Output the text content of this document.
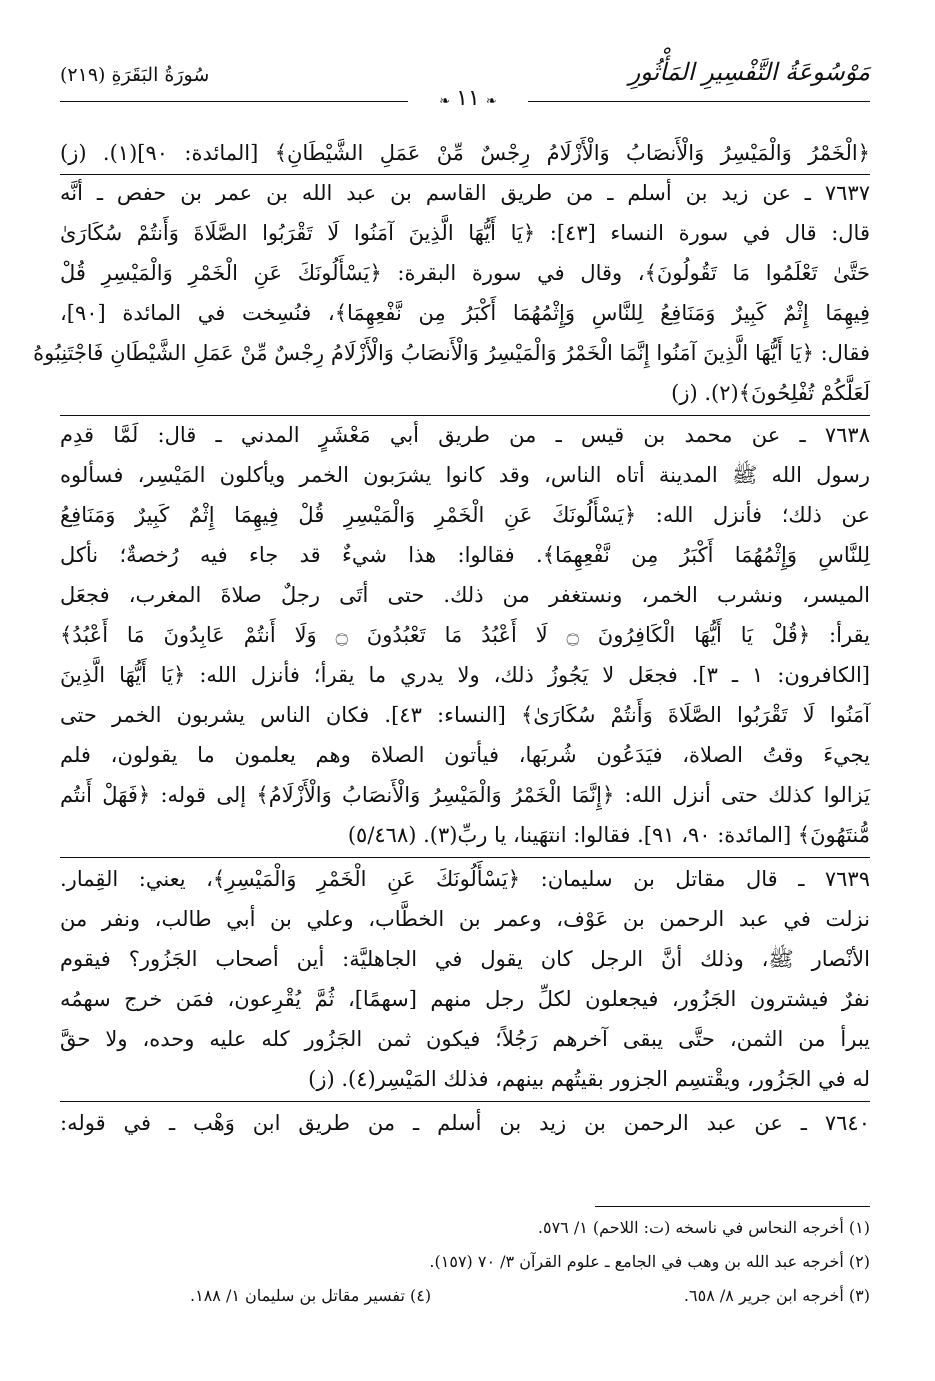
مَوْسُوعَةُ التَّفْسِيرِ المَأْثُورِ
سُورَةُ البَقَرَةِ (٢١٩)
❧١١❧
﴿الْخَمْرُ وَالْمَيْسِرُ وَالْأَنصَابُ وَالْأَزْلَامُ رِجْسٌ مِّنْ عَمَلِ الشَّيْطَانِ﴾ [المائدة: ٩٠](١). (ز)
٧٦٣٧ ـ عن زيد بن أسلم ـ من طريق القاسم بن عبد الله بن عمر بن حفص ـ أنَّه
قال: قال في سورة النساء [٤٣]: ﴿يَا أَيُّهَا الَّذِينَ آمَنُوا لَا تَقْرَبُوا الصَّلَاةَ وَأَنتُمْ سُكَارَىٰ
حَتَّىٰ تَعْلَمُوا مَا تَقُولُونَ﴾، وقال في سورة البقرة: ﴿يَسْأَلُونَكَ عَنِ الْخَمْرِ وَالْمَيْسِرِ قُلْ
فِيهِمَا إِثْمٌ كَبِيرٌ وَمَنَافِعُ لِلنَّاسِ وَإِثْمُهُمَا أَكْبَرُ مِن نَّفْعِهِمَا﴾، فنُسِخت في المائدة [٩٠]،
فقال: ﴿يَا أَيُّهَا الَّذِينَ آمَنُوا إِنَّمَا الْخَمْرُ وَالْمَيْسِرُ وَالْأَنصَابُ وَالْأَزْلَامُ رِجْسٌ مِّنْ عَمَلِ الشَّيْطَانِ فَاجْتَنِبُوهُ
لَعَلَّكُمْ تُفْلِحُونَ﴾(٢). (ز)
٧٦٣٨ ـ عن محمد بن قيس ـ من طريق أبي مَعْشَرٍ المدني ـ قال: لَمَّا قدِم
رسول الله ﷺ المدينة أتاه الناس، وقد كانوا يشرَبون الخمر ويأكلون المَيْسِر، فسألوه
عن ذلك؛ فأنزل الله: ﴿يَسْأَلُونَكَ عَنِ الْخَمْرِ وَالْمَيْسِرِ قُلْ فِيهِمَا إِثْمٌ كَبِيرٌ وَمَنَافِعُ
لِلنَّاسِ وَإِثْمُهُمَا أَكْبَرُ مِن نَّفْعِهِمَا﴾. فقالوا: هذا شيءٌ قد جاء فيه رُخصةٌ؛ نأكل
الميسر، ونشرب الخمر، ونستغفر من ذلك. حتى أتَى رجلٌ صلاةَ المغرب، فجعَل
يقرأ: ﴿قُلْ يَا أَيُّهَا الْكَافِرُونَ ۝ لَا أَعْبُدُ مَا تَعْبُدُونَ ۝ وَلَا أَنتُمْ عَابِدُونَ مَا أَعْبُدُ﴾
[الكافرون: ١ ـ ٣]. فجعَل لا يَجُوزُ ذلك، ولا يدري ما يقرأ؛ فأنزل الله: ﴿يَا أَيُّهَا الَّذِينَ
آمَنُوا لَا تَقْرَبُوا الصَّلَاةَ وَأَنتُمْ سُكَارَىٰ﴾ [النساء: ٤٣]. فكان الناس يشربون الخمر حتى
يجيءَ وقتُ الصلاة، فيَدَعُون شُربَها، فيأتون الصلاة وهم يعلمون ما يقولون، فلم
يَزالوا كذلك حتى أنزل الله: ﴿إِنَّمَا الْخَمْرُ وَالْمَيْسِرُ وَالْأَنصَابُ وَالْأَزْلَامُ﴾ إلى قوله: ﴿فَهَلْ أَنتُم
مُّنتَهُونَ﴾ [المائدة: ٩٠، ٩١]. فقالوا: انتهَينا، يا ربِّ(٣). (٥/٤٦٨)
٧٦٣٩ ـ قال مقاتل بن سليمان: ﴿يَسْأَلُونَكَ عَنِ الْخَمْرِ وَالْمَيْسِرِ﴾، يعني: القِمار.
نزلت في عبد الرحمن بن عَوْف، وعمر بن الخطَّاب، وعلي بن أبي طالب، ونفر من
الأنْصار ﷺ، وذلك أنَّ الرجل كان يقول في الجاهليَّة: أين أصحاب الجَزُور؟ فيقوم
نفرٌ فيشترون الجَزُور، فيجعلون لكلِّ رجل منهم [سهمًا]، ثُمَّ يُقْرِعون، فمَن خرج سهمُه
يبرأ من الثمن، حتَّى يبقى آخرهم رَجُلاً؛ فيكون ثمن الجَزُور كله عليه وحده، ولا حقَّ
له في الجَزُور، ويقْتسِم الجزور بقيتُهم بينهم، فذلك المَيْسِر(٤). (ز)
٧٦٤٠ ـ عن عبد الرحمن بن زيد بن أسلم ـ من طريق ابن وَهْب ـ في قوله:
(١) أخرجه النحاس في ناسخه (ت: اللاحم) ١/ ٥٧٦.
(٢) أخرجه عبد الله بن وهب في الجامع ـ علوم القرآن ٣/ ٧٠ (١٥٧).
(٣) أخرجه ابن جرير ٨/ ٦٥٨.
(٤) تفسير مقاتل بن سليمان ١/ ١٨٨.
